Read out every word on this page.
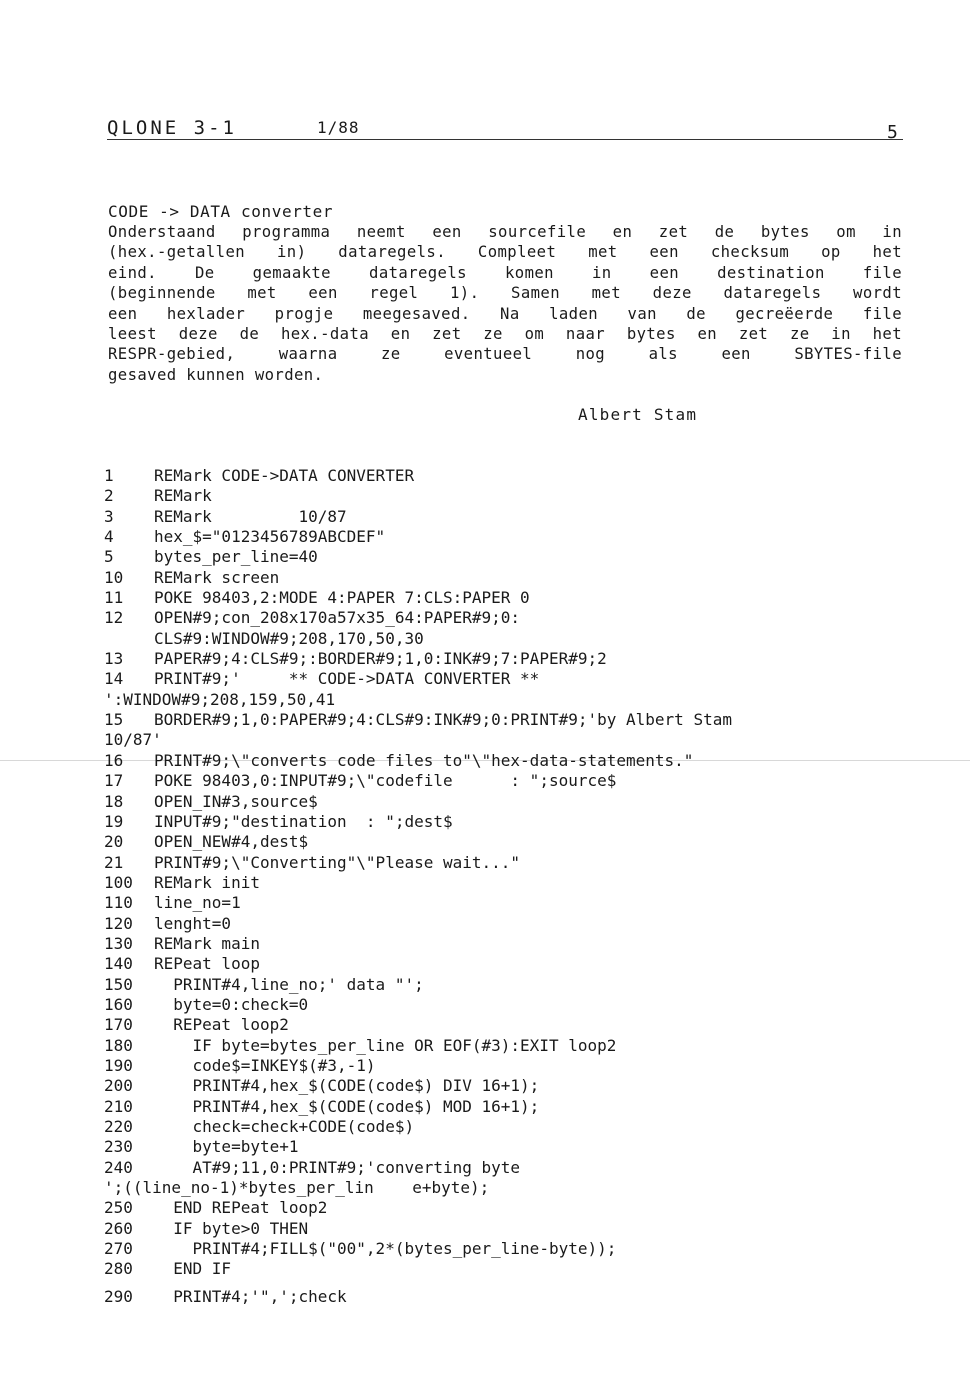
QLONE 3-1	1/88	5
CODE -> DATA converter
Onderstaand programma neemt een sourcefile en zet de bytes om in
(hex.-getallen in) dataregels. Compleet met een checksum op het
eind. De gemaakte dataregels komen in een destination file
(beginnende met een regel 1). Samen met deze dataregels wordt
een hexlader progje meegesaved. Na laden van de gecreëerde file
leest deze de hex.-data en zet ze om naar bytes en zet ze in het
RESPR-gebied, waarna ze eventueel nog als een SBYTES-file
gesaved kunnen worden.
Albert Stam
1	REMark CODE->DATA CONVERTER
2	REMark
3	REMark         10/87
4	hex_$="0123456789ABCDEF"
5	bytes_per_line=40
10	REMark screen
11	POKE 98403,2:MODE 4:PAPER 7:CLS:PAPER 0
12	OPEN#9;con_208x170a57x35_64:PAPER#9;0:
CLS#9:WINDOW#9;208,170,50,30
13	PAPER#9;4:CLS#9;:BORDER#9;1,0:INK#9;7:PAPER#9;2
14	PRINT#9;'     ** CODE->DATA CONVERTER **
':WINDOW#9;208,159,50,41
15	BORDER#9;1,0:PAPER#9;4:CLS#9:INK#9;0:PRINT#9;'by Albert Stam
10/87'
16	PRINT#9;\"converts code files to"\"hex-data-statements."
17	POKE 98403,0:INPUT#9;\"codefile      : ";source$
18	OPEN_IN#3,source$
19	INPUT#9;"destination  : ";dest$
20	OPEN_NEW#4,dest$
21	PRINT#9;\"Converting"\"Please wait..."
100	REMark init
110	line_no=1
120	lenght=0
130	REMark main
140	REPeat loop
150	PRINT#4,line_no;' data "';
160	byte=0:check=0
170	REPeat loop2
180	IF byte=bytes_per_line OR EOF(#3):EXIT loop2
190	code$=INKEY$(#3,-1)
200	PRINT#4,hex_$(CODE(code$) DIV 16+1);
210	PRINT#4,hex_$(CODE(code$) MOD 16+1);
220	check=check+CODE(code$)
230	byte=byte+1
240	AT#9;11,0:PRINT#9;'converting byte
';((line_no-1)*bytes_per_lin    e+byte);
250	END REPeat loop2
260	IF byte>0 THEN
270	PRINT#4;FILL$("00",2*(bytes_per_line-byte));
280	END IF
290	PRINT#4;'",';check
